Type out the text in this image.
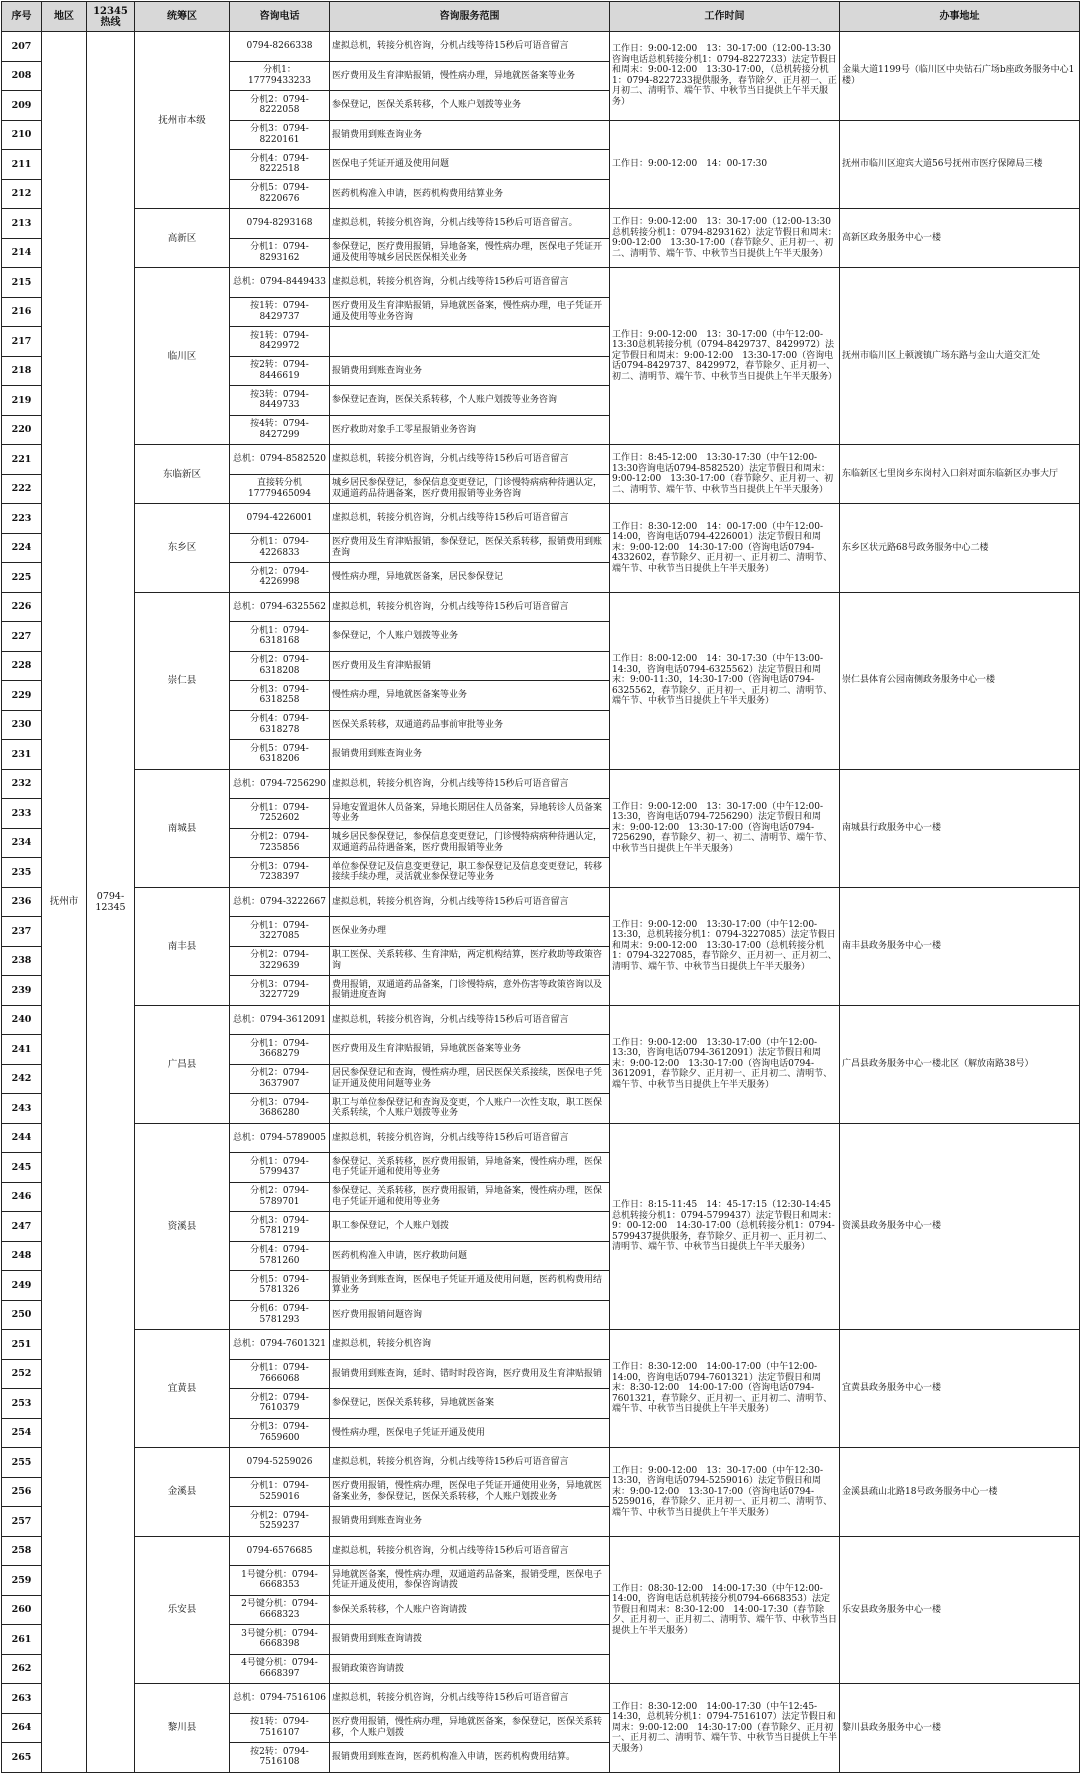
序号	地区	12345热线	统筹区	咨询电话	咨询服务范围	工作时间	办事地址
207	抚州市	0794-12345	抚州市本级	0794-8266338	虚拟总机，转接分机咨询，分机占线等待15秒后可语音留言	工作日：9:00-12:00　13：30-17:00（12:00-13:30咨询电话总机转接分机1：0794-8227233）法定节假日和周末：9:00-12:00　13:30-17:00，（总机转接分机1：0794-8227233提供服务，春节除夕、正月初一、正月初二、清明节、端午节、中秋节当日提供上午半天服务）	金巢大道1199号（临川区中央钻石广场b座政务服务中心1楼）
208				分机1：17779433233	医疗费用及生育津贴报销，慢性病办理，异地就医备案等业务		
209				分机2：0794-8222058	参保登记，医保关系转移，个人账户划拨等业务		
210				分机3：0794-8220161	报销费用到账查询业务	工作日：9:00-12:00　14：00-17:30	抚州市临川区迎宾大道56号抚州市医疗保障局三楼
211				分机4：0794-8222518	医保电子凭证开通及使用问题		
212				分机5：0794-8220676	医药机构准入申请，医药机构费用结算业务		
213			高新区	0794-8293168	虚拟总机，转接分机咨询，分机占线等待15秒后可语音留言。	工作日：9:00-12:00　13：30-17:00（12:00-13:30总机转接分机1：0794-8293162）法定节假日和周末：9:00-12:00　13:30-17:00（春节除夕、正月初一、初二、清明节、端午节、中秋节当日提供上午半天服务）	高新区政务服务中心一楼
214				分机1：0794-8293162	参保登记，医疗费用报销，异地备案，慢性病办理，医保电子凭证开通及使用等城乡居民医保相关业务		
215			临川区	总机：0794-8449433	虚拟总机，转接分机咨询，分机占线等待15秒后可语音留言	工作日：9:00-12:00　13：30-17:00（中午12:00-13:30总机转接分机（0794-8429737、8429972）法定节假日和周末：9:00-12:00　13:30-17:00（咨询电话0794-8429737、8429972，春节除夕、正月初一、初二、清明节、端午节、中秋节当日提供上午半天服务）	抚州市临川区上顿渡镇广场东路与金山大道交汇处
216				按1转：0794-8429737	医疗费用及生育津贴报销，异地就医备案，慢性病办理，电子凭证开通及使用等业务咨询		
217				按1转：0794-8429972			
218				按2转：0794-8446619	报销费用到账查询业务		
219				按3转：0794-8449733	参保登记查询，医保关系转移，个人账户划拨等业务咨询		
220				按4转：0794-8427299	医疗救助对象手工零星报销业务咨询		
221			东临新区	总机：0794-8582520	虚拟总机，转接分机咨询，分机占线等待15秒后可语音留言	工作日：8:45-12:00　13:30-17:30（中午12:00-13:30咨询电话0794-8582520）法定节假日和周末：9:00-12:00　13:30-17:00（春节除夕、正月初一、初二、清明节、端午节、中秋节当日提供上午半天服务）	东临新区七里岗乡东岗村入口斜对面东临新区办事大厅
222				直接转分机 17779465094	城乡居民参保登记，参保信息变更登记，门诊慢特病病种待遇认定，双通道药品待遇备案，医疗费用报销等业务咨询		
223			东乡区	0794-4226001	虚拟总机，转接分机咨询，分机占线等待15秒后可语音留言	工作日：8:30-12:00　14：00-17:00（中午12:00-14:00，咨询电话0794-4226001）法定节假日和周末：9:00-12:00　14:30-17:00（咨询电话0794-4332602，春节除夕、正月初一、正月初二、清明节、端午节、中秋节当日提供上午半天服务）	东乡区状元路68号政务服务中心二楼
224				分机1：0794-4226833	医疗费用及生育津贴报销，参保登记，医保关系转移，报销费用到账查询		
225				分机2：0794-4226998	慢性病办理，异地就医备案，居民参保登记		
226			崇仁县	总机：0794-6325562	虚拟总机，转接分机咨询，分机占线等待15秒后可语音留言	工作日：8:00-12:00　14：30-17:30（中午13:00-14:30，咨询电话0794-6325562）法定节假日和周末：9:00-11:30，14:30-17:00（咨询电话0794-6325562，春节除夕、正月初一、正月初二、清明节、端午节、中秋节当日提供上午半天服务）	崇仁县体育公园南侧政务服务中心一楼
227				分机1：0794-6318168	参保登记，个人账户划拨等业务		
228				分机2：0794-6318208	医疗费用及生育津贴报销		
229				分机3：0794-6318258	慢性病办理，异地就医备案等业务		
230				分机4：0794-6318278	医保关系转移，双通道药品事前审批等业务		
231				分机5：0794-6318206	报销费用到账查询业务		
232			南城县	总机：0794-7256290	虚拟总机，转接分机咨询，分机占线等待15秒后可语音留言	工作日：9:00-12:00　13：30-17:00（中午12:00-13:30，咨询电话0794-7256290）法定节假日和周末：9:00-12:00　13:30-17:00（咨询电话0794-7256290，春节除夕、初一、初二、清明节、端午节、中秋节当日提供上午半天服务）	南城县行政服务中心一楼
233				分机1：0794-7252602	异地安置退休人员备案，异地长期居住人员备案，异地转诊人员备案等业务		
234				分机2：0794-7235856	城乡居民参保登记，参保信息变更登记，门诊慢特病病种待遇认定，双通道药品待遇备案，医疗费用报销等业务		
235				分机3：0794-7238397	单位参保登记及信息变更登记，职工参保登记及信息变更登记，转移接续手续办理，灵活就业参保登记等业务		
236			南丰县	总机：0794-3222667	虚拟总机，转接分机咨询，分机占线等待15秒后可语音留言	工作日：9:00-12:00　13:30-17:00（中午12:00-13:30，总机转接分机1：0794-3227085）法定节假日和周末：9:00-12:00　13:30-17:00（总机转接分机1：0794-3227085，春节除夕、正月初一、正月初二、清明节、端午节、中秋节当日提供上午半天服务）	南丰县政务服务中心一楼
237				分机1：0794-3227085	医保业务办理		
238				分机2：0794-3229639	职工医保、关系转移、生育津贴，两定机构结算，医疗救助等政策咨询		
239				分机3：0794-3227729	费用报销，双通道药品备案，门诊慢特病，意外伤害等政策咨询以及报销进度查询		
240			广昌县	总机：0794-3612091	虚拟总机，转接分机咨询，分机占线等待15秒后可语音留言	工作日：9:00-12:00　13:30-17:00（中午12:00-13:30，咨询电话0794-3612091）法定节假日和周末：9:00-12:00　13:30-17:00（咨询电话0794-3612091，春节除夕、正月初一、正月初二、清明节、端午节、中秋节当日提供上午半天服务）	广昌县政务服务中心一楼北区（解放南路38号）
241				分机1：0794-3668279	医疗费用及生育津贴报销，异地就医备案等业务		
242				分机2：0794-3637907	居民参保登记和查询，慢性病办理，居民医保关系接续，医保电子凭证开通及使用问题等业务		
243				分机3：0794-3686280	职工与单位参保登记和查询及变更，个人账户一次性支取，职工医保关系转续，个人账户划拨等业务		
244			资溪县	总机：0794-5789005	虚拟总机，转接分机咨询，分机占线等待15秒后可语音留言	工作日：8:15-11:45　14：45-17:15（12:30-14:45总机转接分机1：0794-5799437）法定节假日和周末：9：00-12:00　14:30-17:00（总机转接分机1：0794-5799437提供服务，春节除夕、正月初一、正月初二、清明节、端午节、中秋节当日提供上午半天服务）	资溪县政务服务中心一楼
245				分机1：0794-5799437	参保登记、关系转移，医疗费用报销，异地备案，慢性病办理，医保电子凭证开通和使用等业务		
246				分机2：0794-5789701	参保登记、关系转移，医疗费用报销，异地备案，慢性病办理，医保电子凭证开通和使用等业务		
247				分机3：0794-5781219	职工参保登记，个人账户划拨		
248				分机4：0794-5781260	医药机构准入申请，医疗救助问题		
249				分机5：0794-5781326	报销业务到账查询，医保电子凭证开通及使用问题，医药机构费用结算业务		
250				分机6：0794-5781293	医疗费用报销问题咨询		
251			宜黄县	总机：0794-7601321	虚拟总机，转接分机咨询	工作日：8:30-12:00　14:00-17:00（中午12:00-14:00，咨询电话0794-7601321）法定节假日和周末：8:30-12:00　14:00-17:00（咨询电话0794-7601321，春节除夕、正月初一、正月初二、清明节、端午节、中秋节当日提供上午半天服务）	宜黄县政务服务中心一楼
252				分机1：0794-7666068	报销费用到账查询，延时、错时时段咨询，医疗费用及生育津贴报销		
253				分机2：0794-7610379	参保登记，医保关系转移，异地就医备案		
254				分机3：0794-7659600	慢性病办理，医保电子凭证开通及使用		
255			金溪县	0794-5259026	虚拟总机，转接分机咨询，分机占线等待15秒后可语音留言	工作日：9:00-12:00　13：30-17:00（中午12:30-13:30，咨询电话0794-5259016）法定节假日和周末：9:00-12:00　13:30-17:00（咨询电话0794-5259016，春节除夕、正月初一、正月初二、清明节、端午节、中秋节当日提供上午半天服务）	金溪县疏山北路18号政务服务中心一楼
256				分机1：0794-5259016	医疗费用报销，慢性病办理，医保电子凭证开通使用业务，异地就医备案业务，参保登记，医保关系转移，个人账户划拨业务		
257				分机2：0794-5259237	报销费用到账查询业务		
258			乐安县	0794-6576685	虚拟总机，转接分机咨询，分机占线等待15秒后可语音留言	工作日：08:30-12:00　14:00-17:30（中午12:00-14:00，咨询电话总机转接分机0794-6668353）法定节假日和周末：8:30-12:00　14:00-17:30（春节除夕、正月初一、正月初二、清明节、端午节、中秋节当日提供上午半天服务）	乐安县政务服务中心一楼
259				1号键分机：0794-6668353	异地就医备案，慢性病办理，双通道药品备案，报销受理，医保电子凭证开通及使用，参保咨询请拨		
260				2号键分机：0794-6668323	参保关系转移，个人账户咨询请拨		
261				3号键分机：0794-6668398	报销费用到账查询请拨		
262				4号键分机：0794-6668397	报销政策咨询请拨		
263			黎川县	总机：0794-7516106	虚拟总机，转接分机咨询，分机占线等待15秒后可语音留言	工作日：8:30-12:00　14:00-17:30（中午12:45-14:30，总机转分机1：0794-7516107）法定节假日和周末：9:00-12:00　14:30-17:00（春节除夕、正月初一、正月初二、清明节、端午节、中秋节当日提供上午半天服务）	黎川县政务服务中心一楼
264				按1转：0794-7516107	医疗费用报销，慢性病办理，异地就医备案，参保登记，医保关系转移，个人账户划拨		
265				按2转：0794-7516108	报销费用到账查询，医药机构准入申请，医药机构费用结算。		
